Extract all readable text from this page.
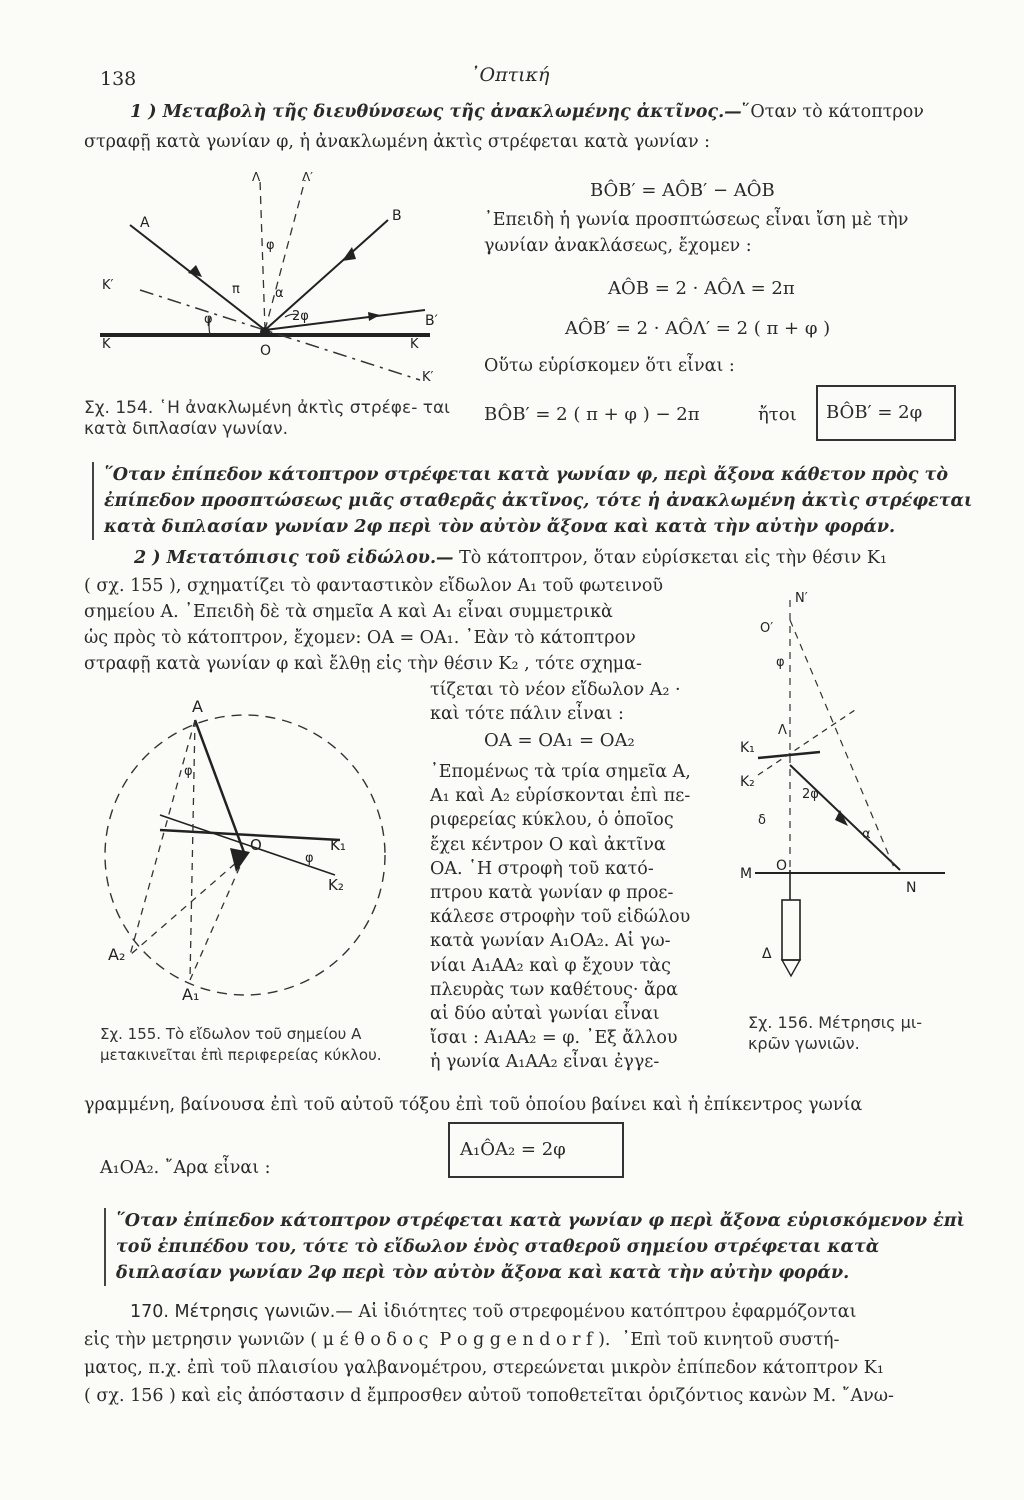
138	᾿Οπτική
1 ) Μεταβολὴ τῆς διευθύνσεως τῆς ἀνακλωμένης ἀκτῖνος.—῞Οταν τὸ κάτοπτρον
στραφῇ κατὰ γωνίαν φ, ἡ ἀνακλωμένη ἀκτὶς στρέφεται κατὰ γωνίαν :
A	B
B′
K	K
K′
K′
O
φ
φ
π	α
2φ
Λ	Λ′
BÔB′ = AÔB′ − AÔB
᾿Επειδὴ ἡ γωνία προσπτώσεως εἶναι ἴση μὲ τὴν
γωνίαν ἀνακλάσεως, ἔχομεν :
AÔB = 2 · AÔΛ = 2π
AÔB′ = 2 · AÔΛ′ = 2 ( π + φ )
Οὕτω εὑρίσκομεν ὅτι εἶναι :
BÔB′ = 2 ( π + φ ) − 2π	ἤτοι	BÔB′ = 2φ
Σχ. 154. ῾Η ἀνακλωμένη ἀκτὶς στρέφε- ται κατὰ διπλασίαν γωνίαν.
῞Οταν ἐπίπεδον κάτοπτρον στρέφεται κατὰ γωνίαν φ, περὶ ἄξονα κάθετον πρὸς τὸ ἐπίπεδον προσπτώσεως μιᾶς σταθερᾶς ἀκτῖνος, τότε ἡ ἀνακλωμένη ἀκτὶς στρέφεται κατὰ διπλασίαν γωνίαν 2φ περὶ τὸν αὐτὸν ἄξονα καὶ κατὰ τὴν αὐτὴν φοράν.
2 ) Μετατόπισις τοῦ εἰδώλου.— Τὸ κάτοπτρον, ὅταν εὑρίσκεται εἰς τὴν θέσιν Κ₁
( σχ. 155 ), σχηματίζει τὸ φανταστικὸν εἴδωλον Α₁ τοῦ φωτεινοῦ
σημείου Α. ᾿Επειδὴ δὲ τὰ σημεῖα Α καὶ Α₁ εἶναι συμμετρικὰ
ὡς πρὸς τὸ κάτοπτρον, ἔχομεν: ΟΑ = ΟΑ₁. ᾿Εὰν τὸ κάτοπτρον
στραφῇ κατὰ γωνίαν φ καὶ ἔλθῃ εἰς τὴν θέσιν Κ₂ , τότε σχημα-
τίζεται τὸ νέον εἴδωλον Α₂ ·
καὶ τότε πάλιν εἶναι :
ΟΑ = ΟΑ₁ = ΟΑ₂
᾿Επομένως τὰ τρία σημεῖα Α,
Α₁ καὶ Α₂ εὑρίσκονται ἐπὶ πε-
ριφερείας κύκλου, ὁ ὁποῖος
ἔχει κέντρον Ο καὶ ἀκτῖνα
ΟΑ. ῾Η στροφὴ τοῦ κατό-
πτρου κατὰ γωνίαν φ προε-
κάλεσε στροφὴν τοῦ εἰδώλου
κατὰ γωνίαν Α₁ΟΑ₂. Αἱ γω-
νίαι Α₁ΑΑ₂ καὶ φ ἔχουν τὰς
πλευρὰς των καθέτους· ἄρα
αἱ δύο αὐταὶ γωνίαι εἶναι
ἴσαι : Α₁ΑΑ₂ = φ. ᾿Εξ ἄλλου
ἡ γωνία Α₁ΑΑ₂ εἶναι ἐγγε-
A
A₁
A₂
O	K₁
K₂
φ
φ
Σχ. 155. Τὸ εἴδωλον τοῦ σημείου Α μετακινεῖται ἐπὶ περιφερείας κύκλου.
N′
O′
φ
Λ
K₁
K₂
2φ
δ
α
M O
N
Δ
Σχ. 156. Μέτρησις μι- κρῶν γωνιῶν.
γραμμένη, βαίνουσα ἐπὶ τοῦ αὐτοῦ τόξου ἐπὶ τοῦ ὁποίου βαίνει καὶ ἡ ἐπίκεντρος γωνία
Α₁ΟΑ₂. ῎Αρα εἶναι :
Α₁ÔΑ₂ = 2φ
῞Οταν ἐπίπεδον κάτοπτρον στρέφεται κατὰ γωνίαν φ περὶ ἄξονα εὑρισκόμενον ἐπὶ τοῦ ἐπιπέδου του, τότε τὸ εἴδωλον ἑνὸς σταθεροῦ σημείου στρέφεται κατὰ διπλασίαν γωνίαν 2φ περὶ τὸν αὐτὸν ἄξονα καὶ κατὰ τὴν αὐτὴν φοράν.
170. Μέτρησις γωνιῶν.— Αἱ ἰδιότητες τοῦ στρεφομένου κατόπτρου ἐφαρμόζονται
εἰς τὴν μετρησιν γωνιῶν ( μ έ θ ο δ ο ς  P o g g e n d o r f ).  ᾿Επὶ τοῦ κινητοῦ συστή-
ματος, π.χ. ἐπὶ τοῦ πλαισίου γαλβανομέτρου, στερεώνεται μικρὸν ἐπίπεδον κάτοπτρον Κ₁
( σχ. 156 ) καὶ εἰς ἀπόστασιν d ἔμπροσθεν αὐτοῦ τοποθετεῖται ὁριζόντιος κανὼν Μ. ῎Ανω-
